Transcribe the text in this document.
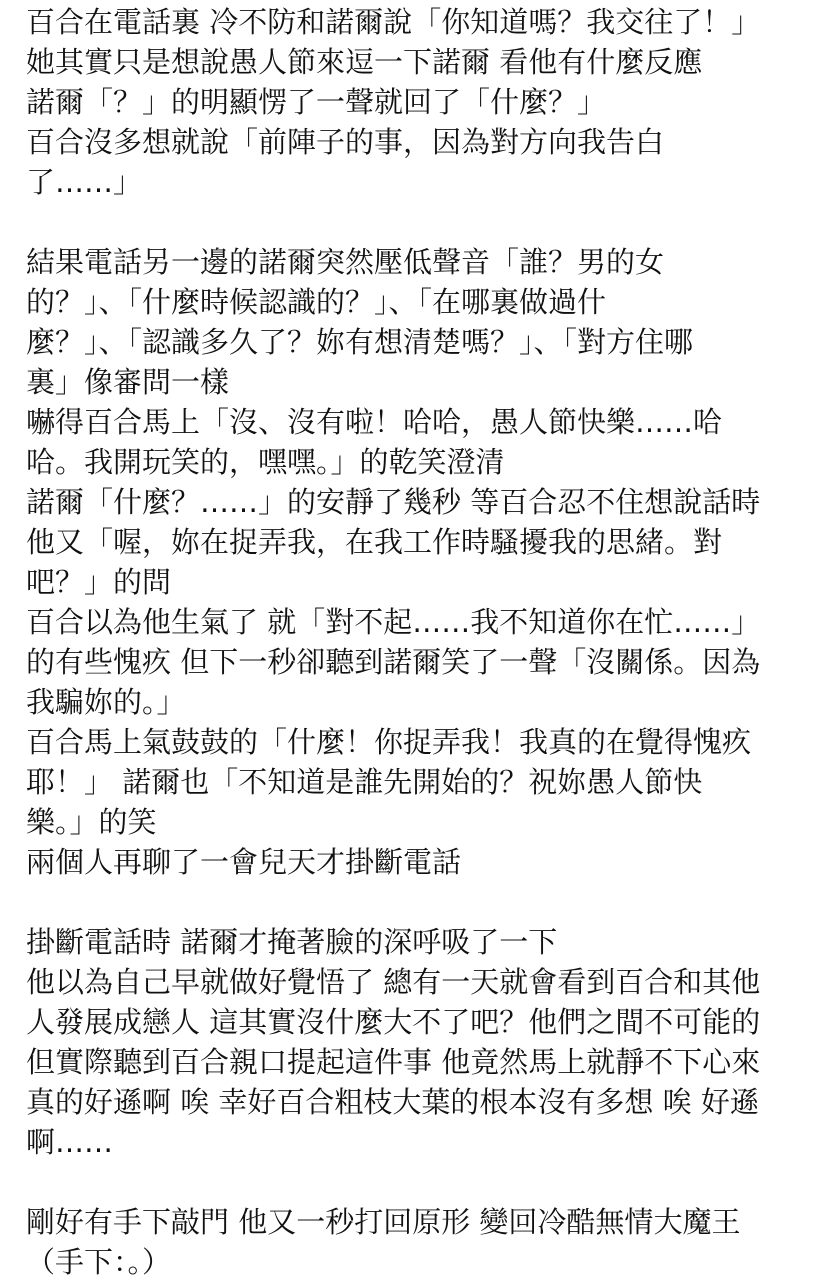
百合在電話裏 冷不防和諾爾說「你知道嗎？我交往了！」
她其實只是想說愚人節來逗一下諾爾 看他有什麼反應
諾爾「？」的明顯愣了一聲就回了「什麼？」
百合沒多想就說「前陣子的事，因為對方向我告白
了……」
結果電話另一邊的諾爾突然壓低聲音「誰？男的女
的？」、「什麼時候認識的？」、「在哪裏做過什
麼？」、「認識多久了？妳有想清楚嗎？」、「對方住哪
裏」像審問一樣
嚇得百合馬上「沒、沒有啦！哈哈，愚人節快樂……哈
哈。我開玩笑的，嘿嘿。」的乾笑澄清
諾爾「什麼？……」的安靜了幾秒 等百合忍不住想說話時
他又「喔，妳在捉弄我，在我工作時騷擾我的思緒。對
吧？」的問
百合以為他生氣了 就「對不起……我不知道你在忙……」
的有些愧疚 但下一秒卻聽到諾爾笑了一聲「沒關係。因為
我騙妳的。」
百合馬上氣鼓鼓的「什麼！你捉弄我！我真的在覺得愧疚
耶！」 諾爾也「不知道是誰先開始的？祝妳愚人節快
樂。」的笑
兩個人再聊了一會兒天才掛斷電話
掛斷電話時 諾爾才掩著臉的深呼吸了一下
他以為自己早就做好覺悟了 總有一天就會看到百合和其他
人發展成戀人 這其實沒什麼大不了吧？他們之間不可能的
但實際聽到百合親口提起這件事 他竟然馬上就靜不下心來
真的好遜啊 唉 幸好百合粗枝大葉的根本沒有多想 唉 好遜
啊……
剛好有手下敲門 他又一秒打回原形 變回冷酷無情大魔王
（手下：。）
